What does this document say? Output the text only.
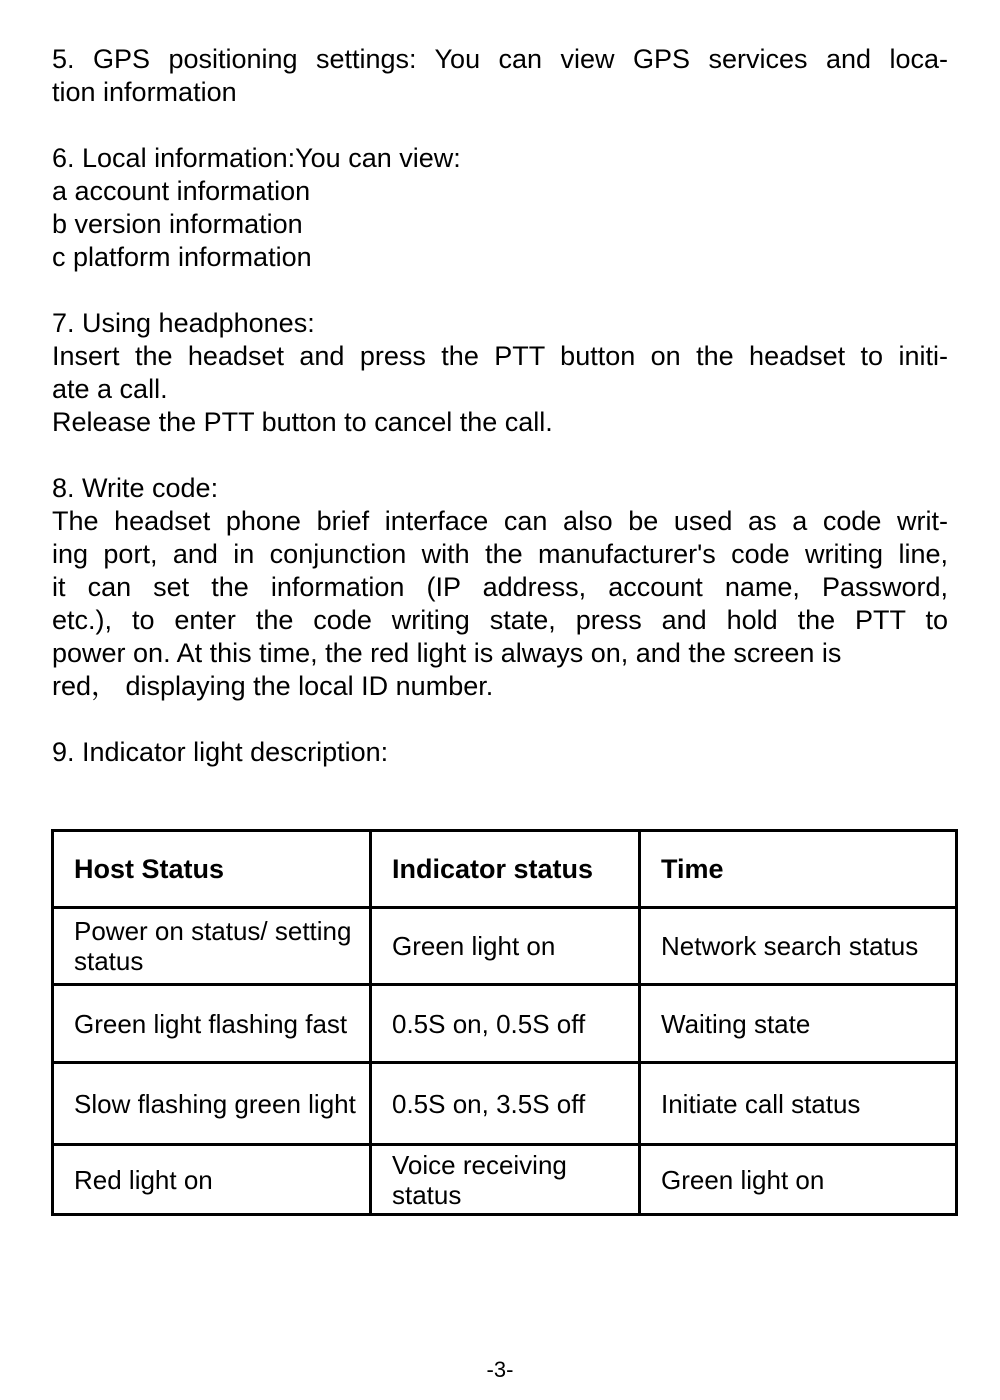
5. GPS positioning settings: You can view GPS services and loca-
tion information
6. Local information:You can view:
a account information
b version information
c platform information
7. Using headphones:
Insert the headset and press the PTT button on the headset to initi-
ate a call.
Release the PTT button to cancel the call.
8. Write code:
The headset phone brief interface can also be used as a code writ-
ing port, and in conjunction with the manufacturer's code writing line,
it can set the information (IP address, account name, Password,
etc.), to enter the code writing state, press and hold the PTT to
power on. At this time, the red light is always on, and the screen is
red， displaying the local ID number.
9. Indicator light description:
Host Status	Indicator status	Time
Power on status/ setting status	Green light on	Network search status
Green light flashing fast	0.5S on, 0.5S off	Waiting state
Slow flashing green light	0.5S on, 3.5S off	Initiate call status
Red light on	Voice receiving status	Green light on
-3-
